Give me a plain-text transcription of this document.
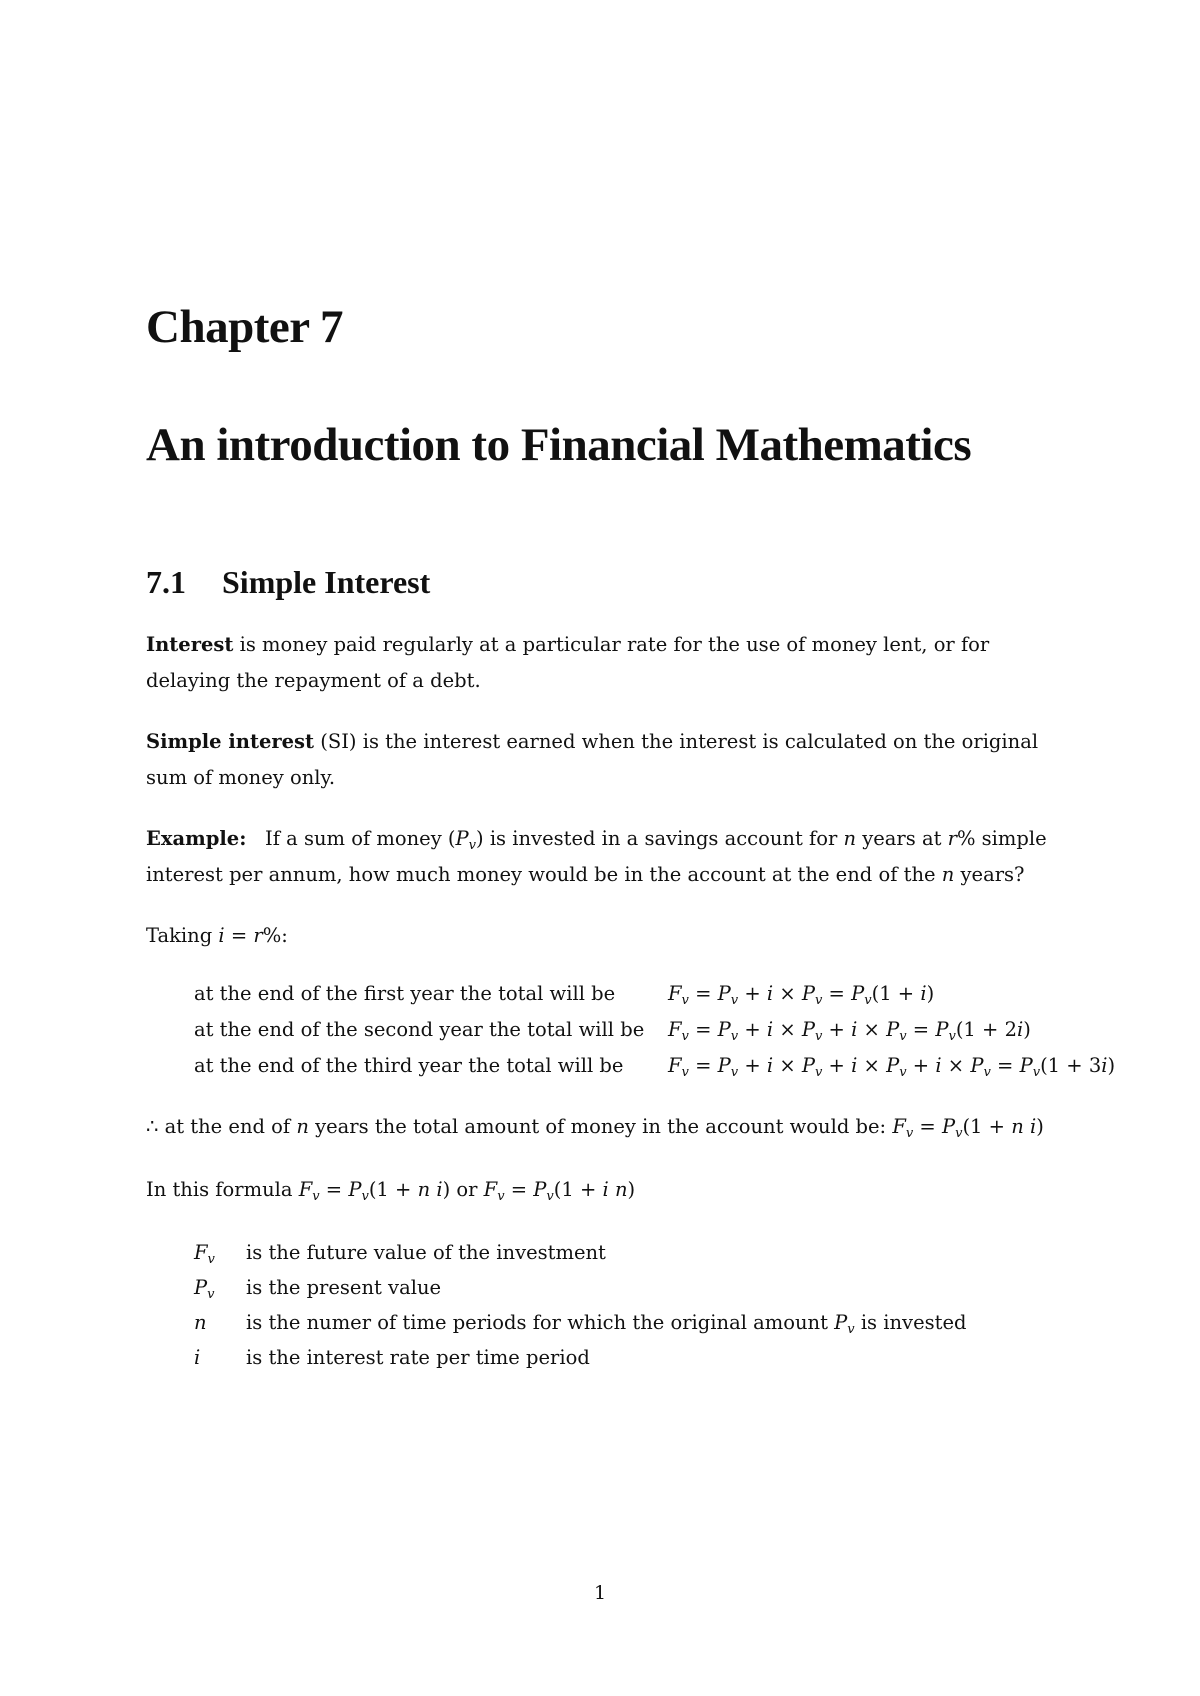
Chapter 7
An introduction to Financial Mathematics
7.1 Simple Interest
Interest is money paid regularly at a particular rate for the use of money lent, or for delaying the repayment of a debt.
Simple interest (SI) is the interest earned when the interest is calculated on the original sum of money only.
Example: If a sum of money $(P_v)$ is invested in a savings account for n years at r% simple interest per annum, how much money would be in the account at the end of the n years?
Taking i = r%:
at the end of the first year the total will be	$F_v = P_v + i \times P_v = P_v(1 + i)$
at the end of the second year the total will be $F_v = P_v + i \times P_v + i \times P_v = P_v(1 + 2i)$
at the end of the third year the total will be $F_v = P_v + i \times P_v + i \times P_v + i \times P_v = P_v(1 + 3i)$
∴ at the end of n years the total amount of money in the account would be: $F_v = P_v(1 + n$ i)
In this formula $F_v = P_v(1 + n$ i) or $F_v = P_v(1 + i$ n)
$F_v$ is the future value of the investment
$P_v$ is the present value
n is the numer of time periods for which the original amount $P_v$ is invested
i is the interest rate per time period
1
